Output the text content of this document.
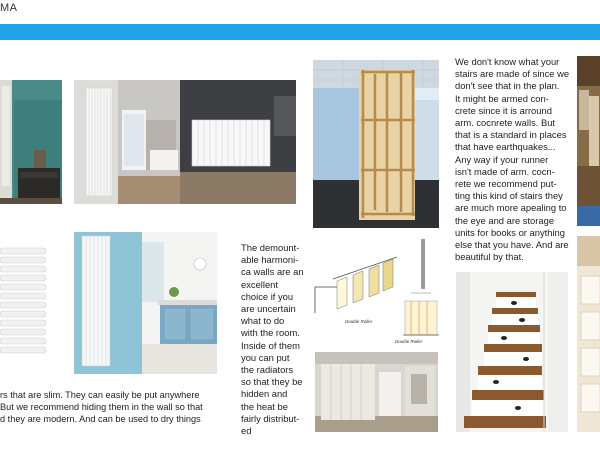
MA
We don't know what your
stairs are made of since we
don't see that in the plan.
It might be armed con-
crete since it is arround
arm. cocnrete walls. But
that is a standard in places
that have earthquakes...
Any way if your runner
isn't made of arm. cocn-
rete we recommend put-
ting this kind of stairs they
are much more apealing to
the eye and are storage
units for books or anything
else that you have. And are
beautiful by that.
The demount-
able harmoni-
ca walls are an
excellent
choice if you
are uncertain
what to do
with the room.
Inside of them
you can put
the radiators
so that they be
hidden and
the heat be
fairly distribut-
ed
Double Roller
Double Roller
rs that are slim. They can easily be put anywhere
But we recommend hiding them in the wall so that
d they are modern. And can be used to dry things
